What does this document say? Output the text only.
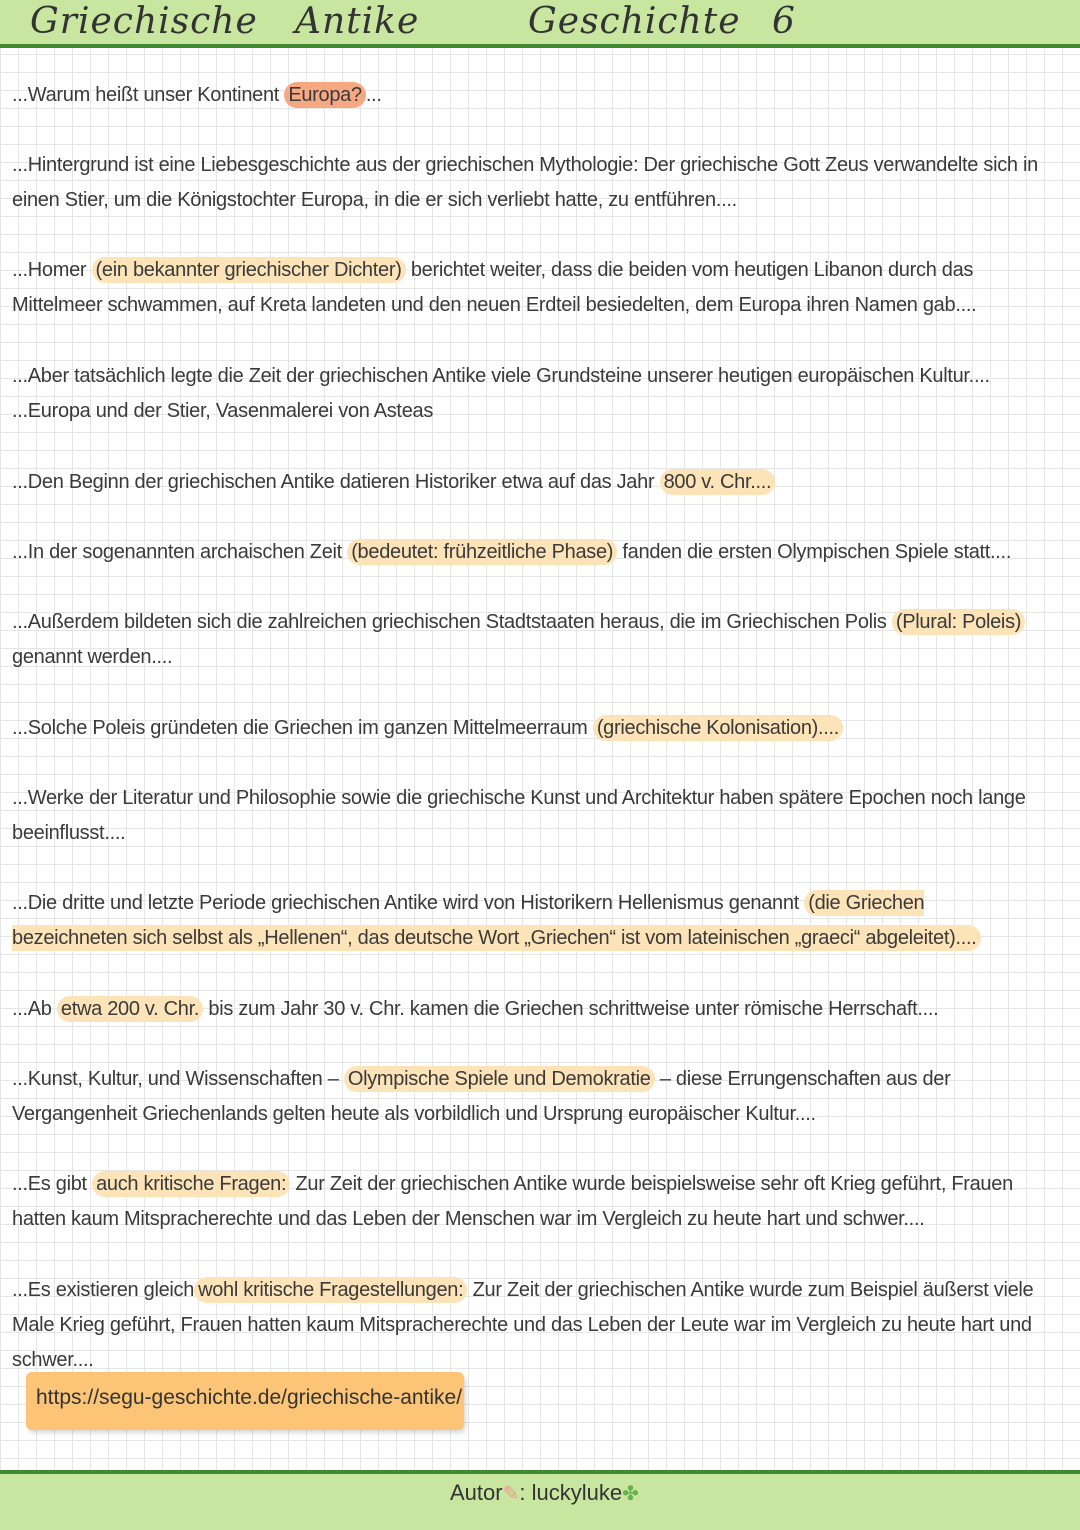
Griechische Antike	Geschichte 6
...Warum heißt unser Kontinent Europa? ...
...Hintergrund ist eine Liebesgeschichte aus der griechischen Mythologie: Der griechische Gott Zeus verwandelte sich in einen Stier, um die Königstochter Europa, in die er sich verliebt hatte, zu entführen....
...Homer (ein bekannter griechischer Dichter) berichtet weiter, dass die beiden vom heutigen Libanon durch das Mittelmeer schwammen, auf Kreta landeten und den neuen Erdteil besiedelten, dem Europa ihren Namen gab....
...Aber tatsächlich legte die Zeit der griechischen Antike viele Grundsteine unserer heutigen europäischen Kultur....
...Europa und der Stier, Vasenmalerei von Asteas
...Den Beginn der griechischen Antike datieren Historiker etwa auf das Jahr 800 v. Chr....
...In der sogenannten archaischen Zeit (bedeutet: frühzeitliche Phase) fanden die ersten Olympischen Spiele statt....
...Außerdem bildeten sich die zahlreichen griechischen Stadtstaaten heraus, die im Griechischen Polis (Plural: Poleis) genannt werden....
...Solche Poleis gründeten die Griechen im ganzen Mittelmeerraum (griechische Kolonisation)....
...Werke der Literatur und Philosophie sowie die griechische Kunst und Architektur haben spätere Epochen noch lange beeinflusst....
...Die dritte und letzte Periode griechischen Antike wird von Historikern Hellenismus genannt (die Griechen bezeichneten sich selbst als „Hellenen“, das deutsche Wort „Griechen“ ist vom lateinischen „graeci“ abgeleitet)....
...Ab etwa 200 v. Chr. bis zum Jahr 30 v. Chr. kamen die Griechen schrittweise unter römische Herrschaft....
...Kunst, Kultur, und Wissenschaften – Olympische Spiele und Demokratie – diese Errungenschaften aus der Vergangenheit Griechenlands gelten heute als vorbildlich und Ursprung europäischer Kultur....
...Es gibt auch kritische Fragen: Zur Zeit der griechischen Antike wurde beispielsweise sehr oft Krieg geführt, Frauen hatten kaum Mitspracherechte und das Leben der Menschen war im Vergleich zu heute hart und schwer....
...Es existieren gleich wohl kritische Fragestellungen: Zur Zeit der griechischen Antike wurde zum Beispiel äußerst viele Male Krieg geführt, Frauen hatten kaum Mitspracherechte und das Leben der Leute war im Vergleich zu heute hart und schwer....
https://segu-geschichte.de/griechische-antike/
Autor✎: luckyluke✤
